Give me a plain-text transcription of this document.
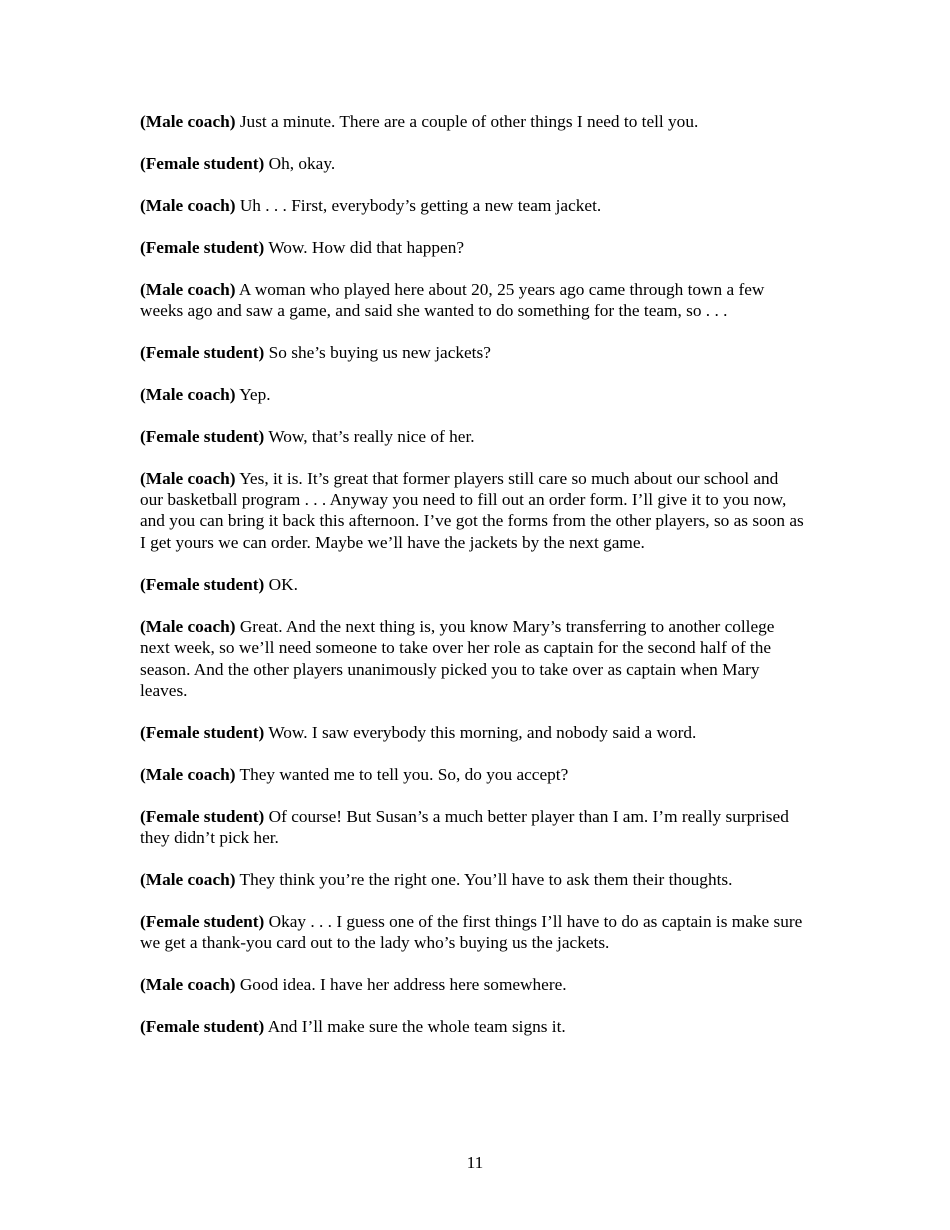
(Male coach) Just a minute. There are a couple of other things I need to tell you.

(Female student) Oh, okay.

(Male coach) Uh . . . First, everybody’s getting a new team jacket.

(Female student) Wow. How did that happen?

(Male coach) A woman who played here about 20, 25 years ago came through town a few weeks ago and saw a game, and said she wanted to do something for the team, so . . .

(Female student) So she’s buying us new jackets?

(Male coach) Yep.

(Female student) Wow, that’s really nice of her.

(Male coach) Yes, it is. It’s great that former players still care so much about our school and our basketball program . . . Anyway you need to fill out an order form. I’ll give it to you now, and you can bring it back this afternoon. I’ve got the forms from the other players, so as soon as I get yours we can order. Maybe we’ll have the jackets by the next game.

(Female student) OK.

(Male coach) Great. And the next thing is, you know Mary’s transferring to another college next week, so we’ll need someone to take over her role as captain for the second half of the season. And the other players unanimously picked you to take over as captain when Mary leaves.

(Female student) Wow. I saw everybody this morning, and nobody said a word.

(Male coach) They wanted me to tell you. So, do you accept?

(Female student) Of course! But Susan’s a much better player than I am. I’m really surprised they didn’t pick her.

(Male coach) They think you’re the right one. You’ll have to ask them their thoughts.

(Female student) Okay . . . I guess one of the first things I’ll have to do as captain is make sure we get a thank-you card out to the lady who’s buying us the jackets.

(Male coach) Good idea. I have her address here somewhere.

(Female student) And I’ll make sure the whole team signs it.

11
